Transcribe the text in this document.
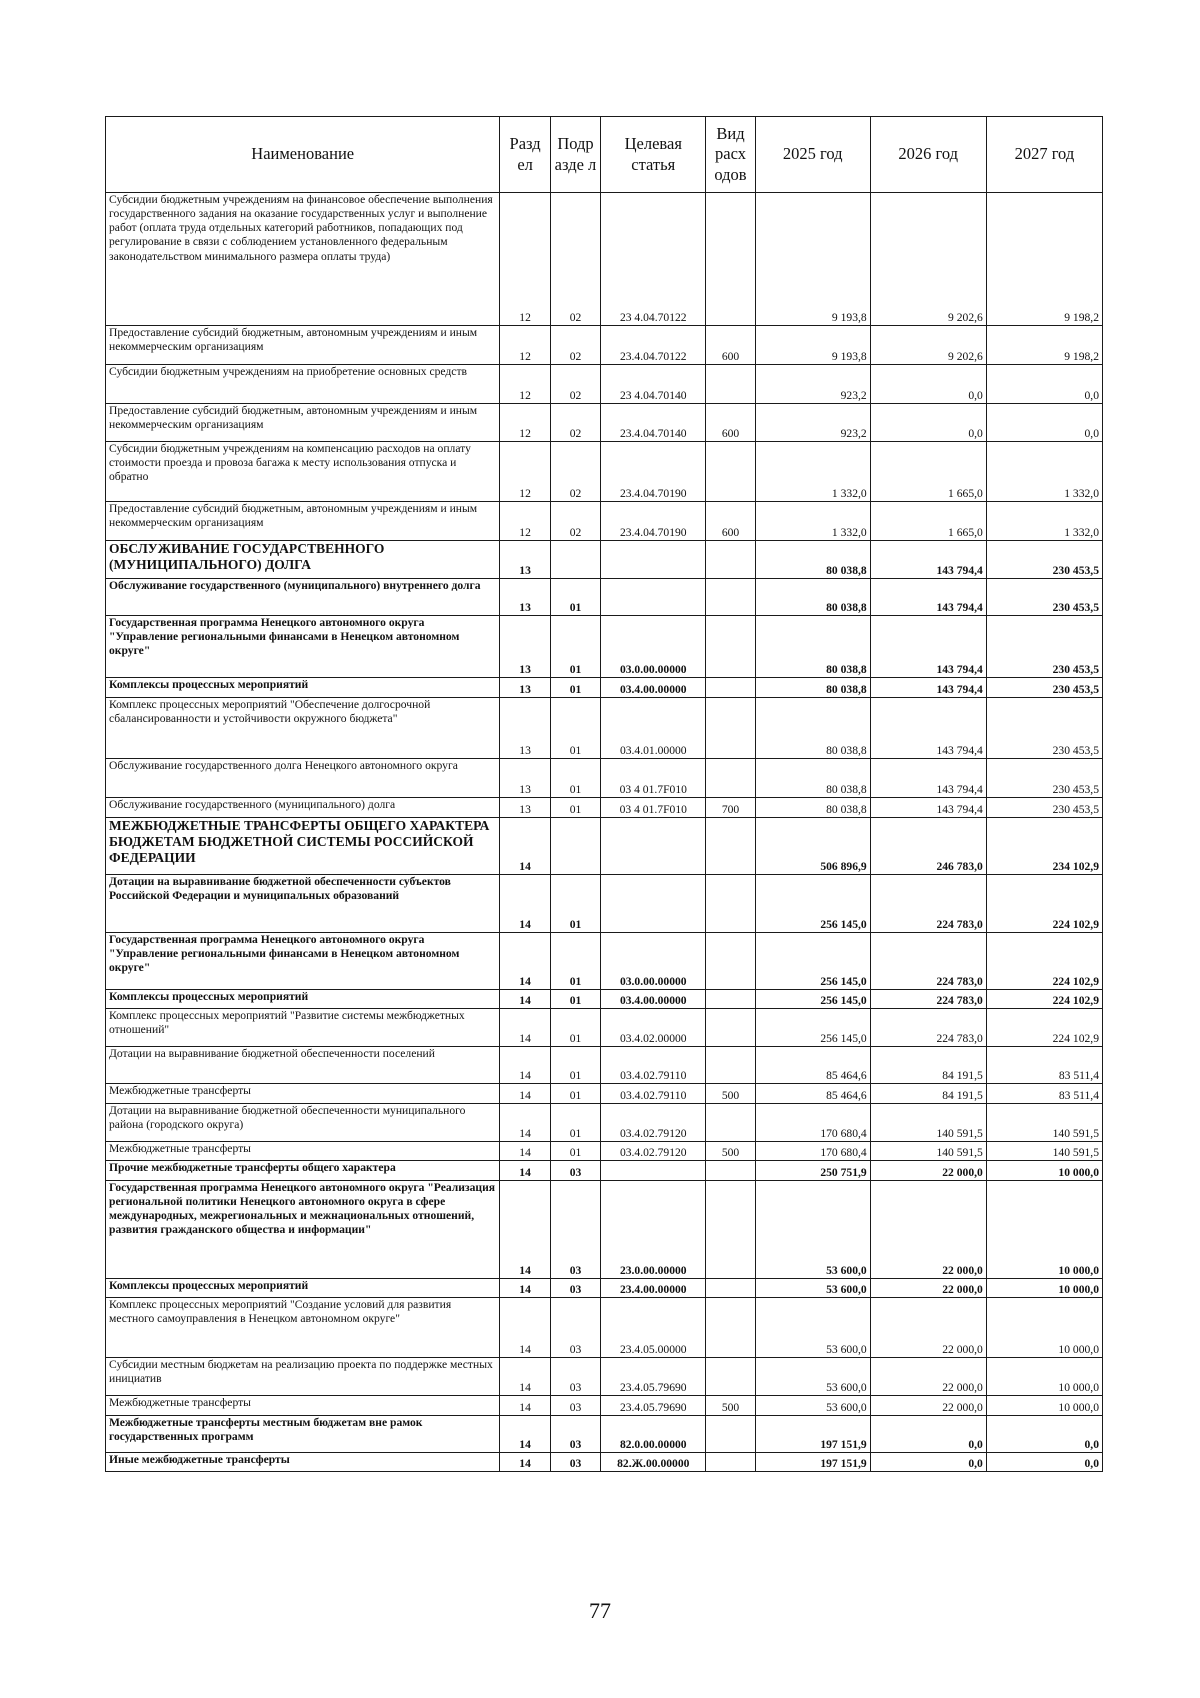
Наименование	Разд ел	Подр азде л	Целевая статья	Вид расх одов	2025 год	2026 год	2027 год
Субсидии бюджетным учреждениям на финансовое обеспечение выполнения государственного задания на оказание государственных услуг и выполнение работ (оплата труда отдельных категорий работников, попадающих под регулирование в связи с соблюдением установленного федеральным законодательством минимального размера оплаты труда)	12	02	23 4.04.70122		9 193,8	9 202,6	9 198,2
Предоставление субсидий бюджетным, автономным учреждениям и иным некоммерческим организациям	12	02	23.4.04.70122	600	9 193,8	9 202,6	9 198,2
Субсидии бюджетным учреждениям на приобретение основных средств	12	02	23 4.04.70140		923,2	0,0	0,0
Предоставление субсидий бюджетным, автономным учреждениям и иным некоммерческим организациям	12	02	23.4.04.70140	600	923,2	0,0	0,0
Субсидии бюджетным учреждениям на компенсацию расходов на оплату стоимости проезда и провоза багажа к месту использования отпуска и обратно	12	02	23.4.04.70190		1 332,0	1 665,0	1 332,0
Предоставление субсидий бюджетным, автономным учреждениям и иным некоммерческим организациям	12	02	23.4.04.70190	600	1 332,0	1 665,0	1 332,0
ОБСЛУЖИВАНИЕ ГОСУДАРСТВЕННОГО (МУНИЦИПАЛЬНОГО) ДОЛГА	13				80 038,8	143 794,4	230 453,5
Обслуживание государственного (муниципального) внутреннего долга	13	01			80 038,8	143 794,4	230 453,5
Государственная программа Ненецкого автономного округа "Управление региональными финансами в Ненецком автономном округе"	13	01	03.0.00.00000		80 038,8	143 794,4	230 453,5
Комплексы процессных мероприятий	13	01	03.4.00.00000		80 038,8	143 794,4	230 453,5
Комплекс процессных мероприятий "Обеспечение долгосрочной сбалансированности и устойчивости окружного бюджета"	13	01	03.4.01.00000		80 038,8	143 794,4	230 453,5
Обслуживание государственного долга Ненецкого автономного округа	13	01	03 4 01.7F010		80 038,8	143 794,4	230 453,5
Обслуживание государственного (муниципального) долга	13	01	03 4 01.7F010	700	80 038,8	143 794,4	230 453,5
МЕЖБЮДЖЕТНЫЕ ТРАНСФЕРТЫ ОБЩЕГО ХАРАКТЕРА БЮДЖЕТАМ БЮДЖЕТНОЙ СИСТЕМЫ РОССИЙСКОЙ ФЕДЕРАЦИИ	14				506 896,9	246 783,0	234 102,9
Дотации на выравнивание бюджетной обеспеченности субъектов Российской Федерации и муниципальных образований	14	01			256 145,0	224 783,0	224 102,9
Государственная программа Ненецкого автономного округа "Управление региональными финансами в Ненецком автономном округе"	14	01	03.0.00.00000		256 145,0	224 783,0	224 102,9
Комплексы процессных мероприятий	14	01	03.4.00.00000		256 145,0	224 783,0	224 102,9
Комплекс процессных мероприятий "Развитие системы межбюджетных отношений"	14	01	03.4.02.00000		256 145,0	224 783,0	224 102,9
Дотации на выравнивание бюджетной обеспеченности поселений	14	01	03.4.02.79110		85 464,6	84 191,5	83 511,4
Межбюджетные трансферты	14	01	03.4.02.79110	500	85 464,6	84 191,5	83 511,4
Дотации на выравнивание бюджетной обеспеченности муниципального района (городского округа)	14	01	03.4.02.79120		170 680,4	140 591,5	140 591,5
Межбюджетные трансферты	14	01	03.4.02.79120	500	170 680,4	140 591,5	140 591,5
Прочие межбюджетные трансферты общего характера	14	03			250 751,9	22 000,0	10 000,0
Государственная программа Ненецкого автономного округа "Реализация региональной политики Ненецкого автономного округа в сфере международных, межрегиональных и межнациональных отношений, развития гражданского общества и информации"	14	03	23.0.00.00000		53 600,0	22 000,0	10 000,0
Комплексы процессных мероприятий	14	03	23.4.00.00000		53 600,0	22 000,0	10 000,0
Комплекс процессных мероприятий "Создание условий для развития местного самоуправления в Ненецком автономном округе"	14	03	23.4.05.00000		53 600,0	22 000,0	10 000,0
Субсидии местным бюджетам на реализацию проекта по поддержке местных инициатив	14	03	23.4.05.79690		53 600,0	22 000,0	10 000,0
Межбюджетные трансферты	14	03	23.4.05.79690	500	53 600,0	22 000,0	10 000,0
Межбюджетные трансферты местным бюджетам вне рамок государственных программ	14	03	82.0.00.00000		197 151,9	0,0	0,0
Иные межбюджетные трансферты	14	03	82.Ж.00.00000		197 151,9	0,0	0,0
77
